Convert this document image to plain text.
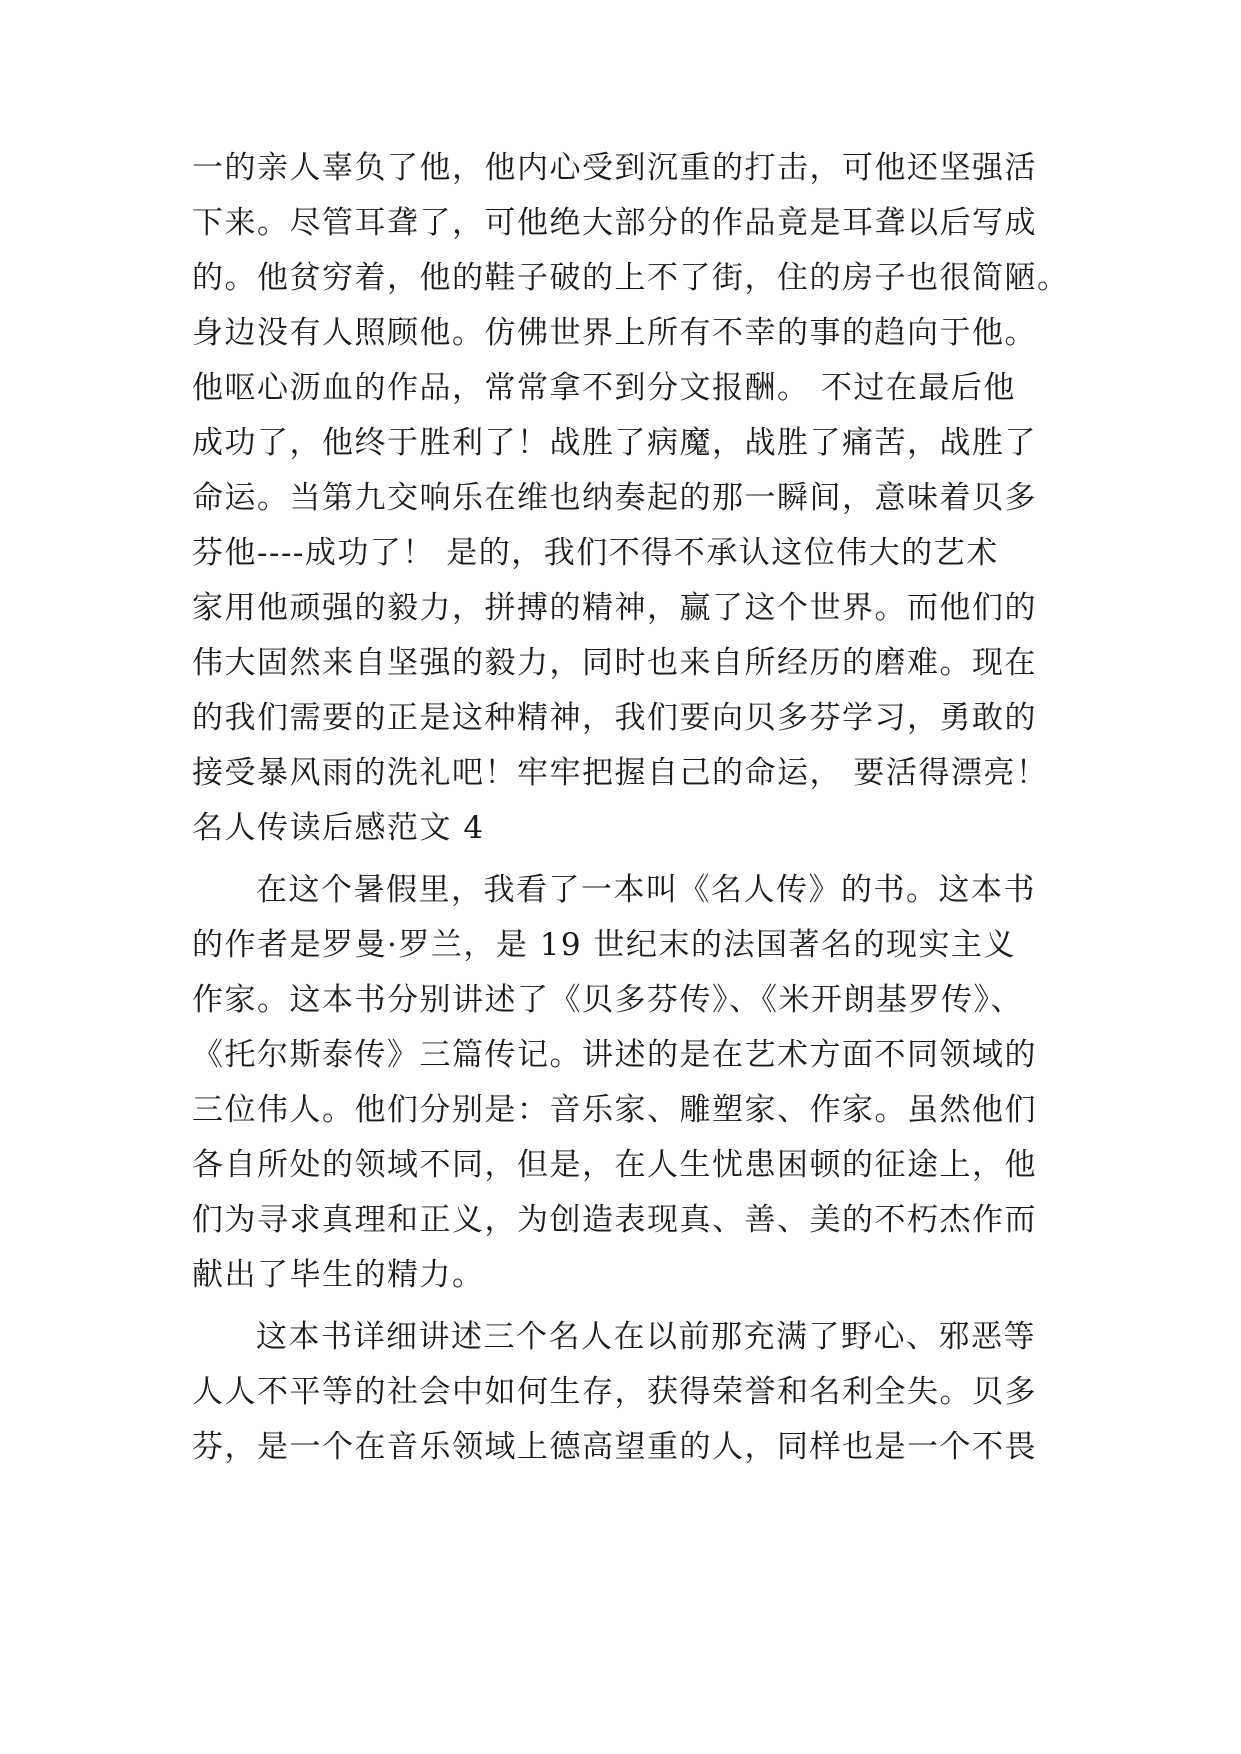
一的亲人辜负了他，他内心受到沉重的打击，可他还坚强活
下来。尽管耳聋了，可他绝大部分的作品竟是耳聋以后写成
的。他贫穷着，他的鞋子破的上不了街，住的房子也很简陋。
身边没有人照顾他。仿佛世界上所有不幸的事的趋向于他。
他呕心沥血的作品，常常拿不到分文报酬。 不过在最后他
成功了，他终于胜利了！战胜了病魔，战胜了痛苦，战胜了
命运。当第九交响乐在维也纳奏起的那一瞬间，意味着贝多
芬他----成功了！ 是的，我们不得不承认这位伟大的艺术
家用他顽强的毅力，拼搏的精神，赢了这个世界。而他们的
伟大固然来自坚强的毅力，同时也来自所经历的磨难。现在
的我们需要的正是这种精神，我们要向贝多芬学习，勇敢的
接受暴风雨的洗礼吧！牢牢把握自己的命运， 要活得漂亮！
名人传读后感范文 4
在这个暑假里，我看了一本叫《名人传》的书。这本书
的作者是罗曼·罗兰，是 19 世纪末的法国著名的现实主义
作家。这本书分别讲述了《贝多芬传》、《米开朗基罗传》、
《托尔斯泰传》三篇传记。讲述的是在艺术方面不同领域的
三位伟人。他们分别是：音乐家、雕塑家、作家。虽然他们
各自所处的领域不同，但是，在人生忧患困顿的征途上，他
们为寻求真理和正义，为创造表现真、善、美的不朽杰作而
献出了毕生的精力。
这本书详细讲述三个名人在以前那充满了野心、邪恶等
人人不平等的社会中如何生存，获得荣誉和名利全失。贝多
芬，是一个在音乐领域上德高望重的人，同样也是一个不畏
